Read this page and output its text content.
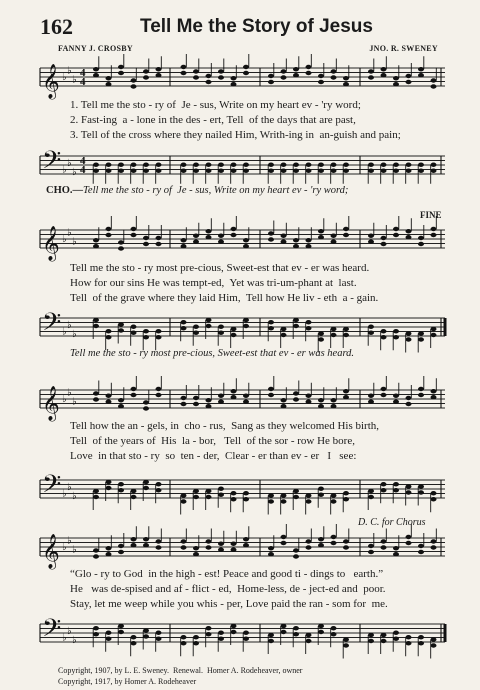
162	Tell Me the Story of Jesus
FANNY J. CROSBY	JNO. R. SWENEY
𝄞 ♭
♭
♭
4
4
1. Tell me the sto - ry of  Je - sus, Write on my heart ev - 'ry word;
2. Fast-ing  a - lone in the des - ert, Tell  of the days that are past,
3. Tell of the cross where they nailed Him, Writh-ing in  an-guish and pain;
𝄢 ♭
♭
♭
4
4
CHO.—Tell me the sto - ry of  Je - sus, Write on my heart ev - 'ry word;
FINE
𝄞 ♭
♭
♭
Tell me the sto - ry most pre-cious, Sweet-est that ev - er was heard.
How for our sins He was tempt-ed,  Yet was tri-um-phant at  last.
Tell  of the grave where they laid Him,  Tell how He liv - eth  a - gain.
𝄢 ♭
♭
♭
Tell me the sto - ry most pre-cious, Sweet-est that ev - er was heard.
𝄞 ♭
♭
♭
Tell how the an - gels, in  cho - rus,  Sang as they welcomed His birth,
Tell  of the years of  His  la - bor,   Tell  of the sor - row He bore,
Love  in that sto - ry  so  ten - der,  Clear - er than ev - er   I   see:
𝄢 ♭
♭
♭
D. C. for Chorus
𝄞 ♭
♭
♭
“Glo - ry to God  in the high - est! Peace and good ti - dings to   earth.”
He   was de-spised and af - flict - ed,  Home-less, de - ject-ed and  poor.
Stay, let me weep while you whis - per, Love paid the ran - som for  me.
𝄢 ♭
♭
♭
Copyright, 1907, by L. E. Sweney.  Renewal.  Homer A. Rodeheaver, owner
Copyright, 1917, by Homer A. Rodeheaver
